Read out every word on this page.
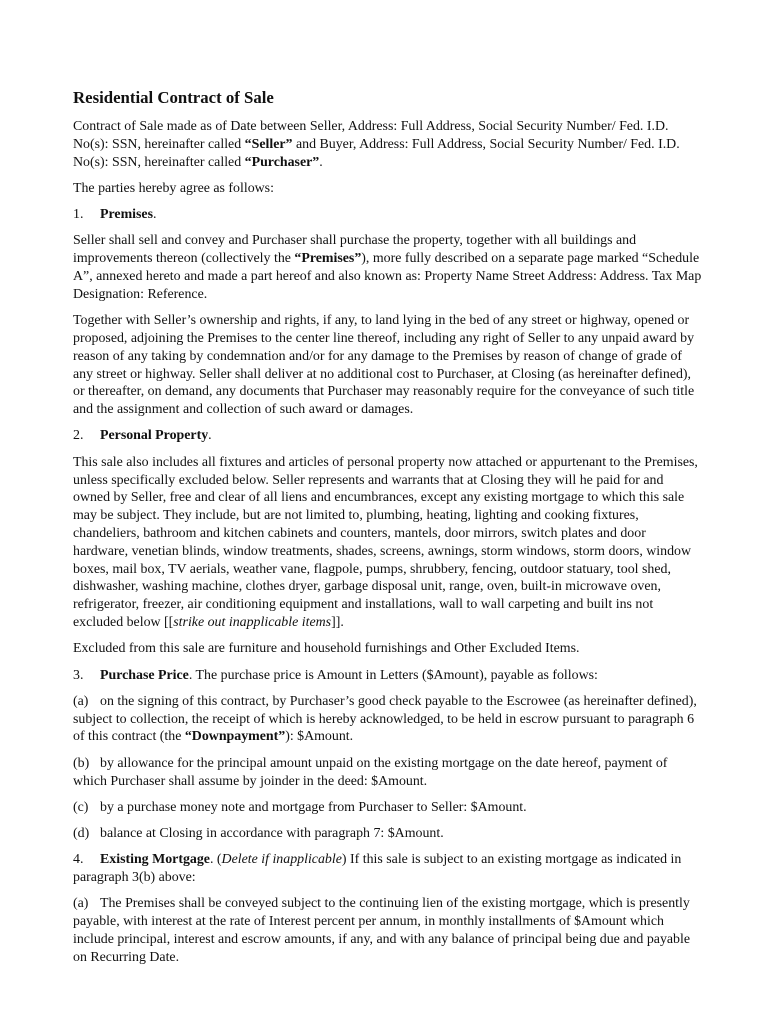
Residential Contract of Sale

Contract of Sale made as of Date between Seller, Address: Full Address, Social Security Number/ Fed. I.D. No(s): SSN, hereinafter called “Seller” and Buyer, Address: Full Address, Social Security Number/ Fed. I.D. No(s): SSN, hereinafter called “Purchaser”.

The parties hereby agree as follows:

1. Premises.

Seller shall sell and convey and Purchaser shall purchase the property, together with all buildings and improvements thereon (collectively the “Premises”), more fully described on a separate page marked “Schedule A”, annexed hereto and made a part hereof and also known as: Property Name Street Address: Address. Tax Map Designation: Reference.

Together with Seller’s ownership and rights, if any, to land lying in the bed of any street or highway, opened or proposed, adjoining the Premises to the center line thereof, including any right of Seller to any unpaid award by reason of any taking by condemnation and/or for any damage to the Premises by reason of change of grade of any street or highway. Seller shall deliver at no additional cost to Purchaser, at Closing (as hereinafter defined), or thereafter, on demand, any documents that Purchaser may reasonably require for the conveyance of such title and the assignment and collection of such award or damages.

2. Personal Property.

This sale also includes all fixtures and articles of personal property now attached or appurtenant to the Premises, unless specifically excluded below. Seller represents and warrants that at Closing they will he paid for and owned by Seller, free and clear of all liens and encumbrances, except any existing mortgage to which this sale may be subject. They include, but are not limited to, plumbing, heating, lighting and cooking fixtures, chandeliers, bathroom and kitchen cabinets and counters, mantels, door mirrors, switch plates and door hardware, venetian blinds, window treatments, shades, screens, awnings, storm windows, storm doors, window boxes, mail box, TV aerials, weather vane, flagpole, pumps, shrubbery, fencing, outdoor statuary, tool shed, dishwasher, washing machine, clothes dryer, garbage disposal unit, range, oven, built-in microwave oven, refrigerator, freezer, air conditioning equipment and installations, wall to wall carpeting and built ins not excluded below [[strike out inapplicable items]].

Excluded from this sale are furniture and household furnishings and Other Excluded Items.

3. Purchase Price. The purchase price is Amount in Letters ($Amount), payable as follows:

(a) on the signing of this contract, by Purchaser’s good check payable to the Escrowee (as hereinafter defined), subject to collection, the receipt of which is hereby acknowledged, to be held in escrow pursuant to paragraph 6 of this contract (the “Downpayment”): $Amount.

(b) by allowance for the principal amount unpaid on the existing mortgage on the date hereof, payment of which Purchaser shall assume by joinder in the deed: $Amount.

(c) by a purchase money note and mortgage from Purchaser to Seller: $Amount.

(d) balance at Closing in accordance with paragraph 7: $Amount.

4. Existing Mortgage. (Delete if inapplicable) If this sale is subject to an existing mortgage as indicated in paragraph 3(b) above:

(a) The Premises shall be conveyed subject to the continuing lien of the existing mortgage, which is presently payable, with interest at the rate of Interest percent per annum, in monthly installments of $Amount which include principal, interest and escrow amounts, if any, and with any balance of principal being due and payable on Recurring Date.
